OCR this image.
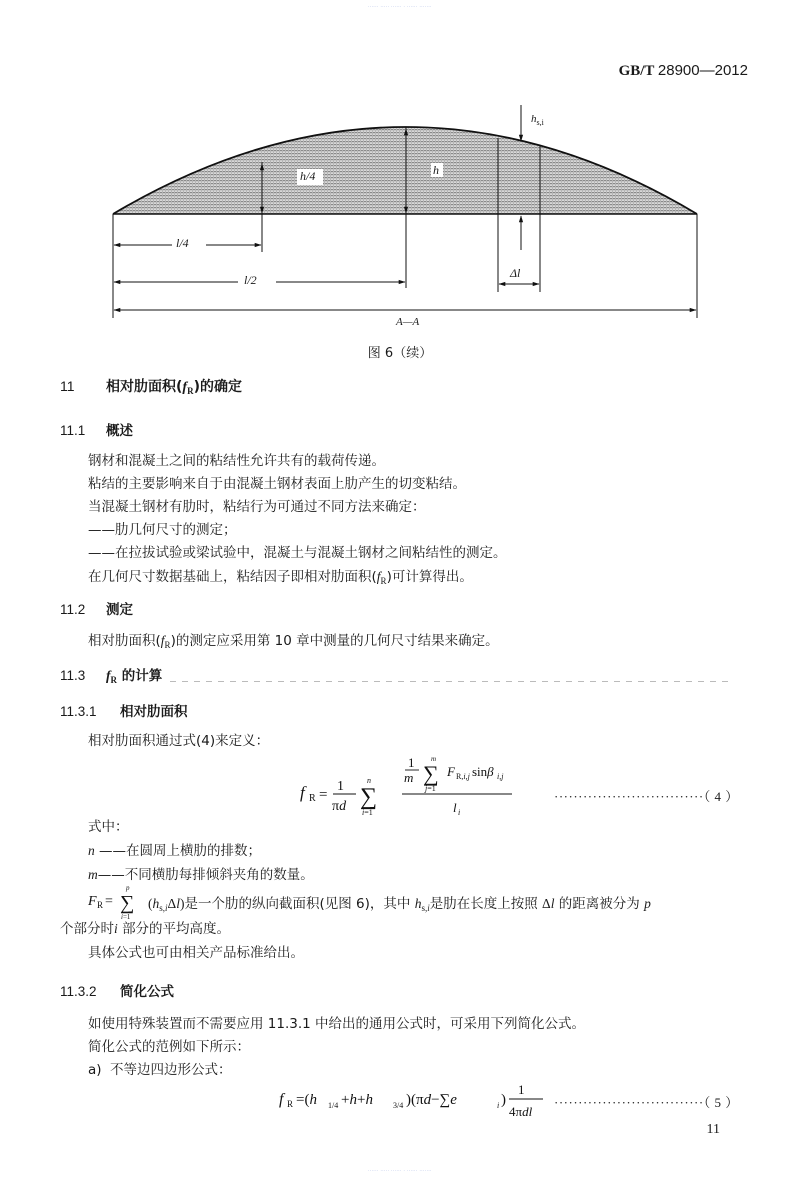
······ ····· ······ · ······ ·······
GB/T 28900—2012
l/4
l/2
h/4	h
$h_{s,i}$
Δl
A—A
图 6（续）
11 相对肋面积$(f_R)$的确定
11.1 概述
钢材和混凝土之间的粘结性允许共有的载荷传递。
粘结的主要影响来自于由混凝土钢材表面上肋产生的切变粘结。
当混凝土钢材有肋时，粘结行为可通过不同方法来确定：
——肋几何尺寸的测定；
——在拉拔试验或梁试验中，混凝土与混凝土钢材之间粘结性的测定。
在几何尺寸数据基础上，粘结因子即相对肋面积$(f_R)$可计算得出。
11.2 测定
相对肋面积$(f_R)$的测定应采用第 10 章中测量的几何尺寸结果来确定。
11.3 $f_R$ 的计算
11.3.1 相对肋面积
相对肋面积通过式(4)来定义：
f R =
1
πd ∑
n
i=1
1
m ∑
m
j=1
F R,i,j sinβ i,j
l i
·······························（ 4 ）
式中：
n ——在圆周上横肋的排数；
m——不同横肋每排倾斜夹角的数量。
F R = ∑
p
i=1
$(h_{s,i}\Delta l)$是一个肋的纵向截面积(见图 6)，其中 $h_{s,i}$是肋在长度上按照 Δl 的距离被分为 p
个部分时i 部分的平均高度。
具体公式也可由相关产品标准给出。
11.3.2 简化公式
如使用特殊装置而不需要应用 11.3.1 中给出的通用公式时，可采用下列简化公式。
简化公式的范例如下所示：
a) 不等边四边形公式：
f R =(h 1/4 +h+h	3/4 )(πd−∑e	i )
1
4πdl
·······························（ 5 ）
11
······ ····· ······ · ······ ·······
